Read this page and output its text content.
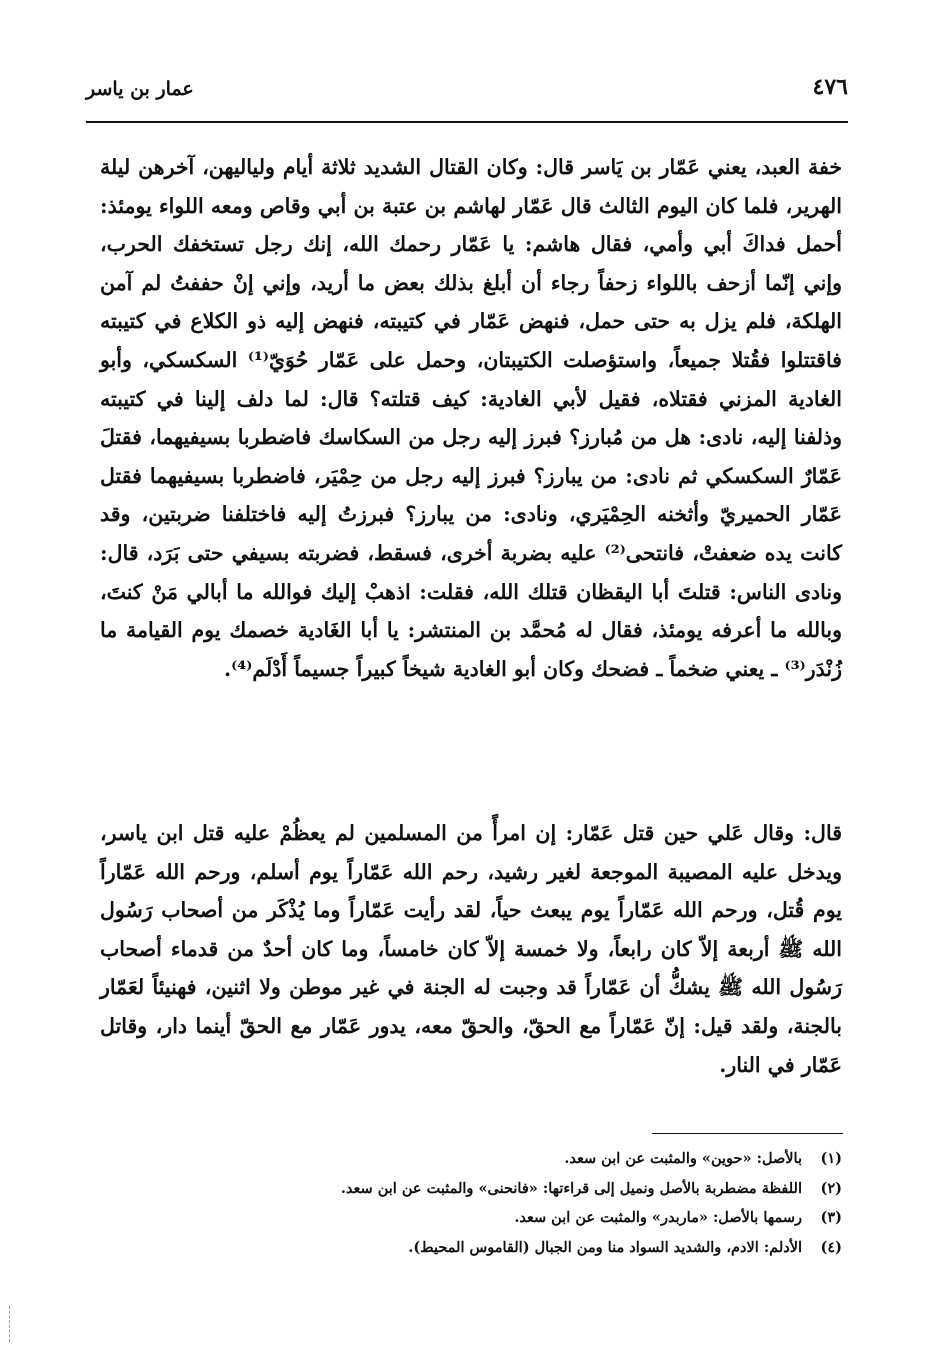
٤٧٦
عمار بن ياسر

خفة العبد، يعني عَمّار بن يَاسر قال: وكان القتال الشديد ثلاثة أيام ولياليهن، آخرهن ليلة الهرير، فلما كان اليوم الثالث قال عَمّار لهاشم بن عتبة بن أبي وقاص ومعه اللواء يومئذ: أحمل فداكَ أبي وأمي، فقال هاشم: يا عَمّار رحمك الله، إنك رجل تستخفك الحرب، وإني إنّما أزحف باللواء زحفاً رجاء أن أبلغ بذلك بعض ما أريد، وإني إنْ حففتُ لم آمن الهلكة، فلم يزل به حتى حمل، فنهض عَمّار في كتيبته، فنهض إليه ذو الكلاع في كتيبته فاقتتلوا فقُتلا جميعاً، واستؤصلت الكتيبتان، وحمل على عَمّار حُوَيّ⁽¹⁾ السكسكي، وأبو الغادية المزني فقتلاه، فقيل لأبي الغادية: كيف قتلته؟ قال: لما دلف إلينا في كتيبته وذلفنا إليه، نادى: هل من مُبارز؟ فبرز إليه رجل من السكاسك فاضطربا بسيفيهما، فقتلَ عَمّارٌ السكسكي ثم نادى: من يبارز؟ فبرز إليه رجل من حِمْيَر، فاضطربا بسيفيهما فقتل عَمّار الحميريّ وأثخنه الحِمْيَري، ونادى: من يبارز؟ فبرزتُ إليه فاختلفنا ضربتين، وقد كانت يده ضعفتْ، فانتحى⁽²⁾ عليه بضربة أخرى، فسقط، فضربته بسيفي حتى بَرَد، قال: ونادى الناس: قتلتَ أبا اليقظان قتلك الله، فقلت: اذهبْ إليك فوالله ما أبالي مَنْ كنتَ، وبالله ما أعرفه يومئذ، فقال له مُحمَّد بن المنتشر: يا أبا الغَادية خصمك يوم القيامة ما زُنْدَر⁽³⁾ ـ يعني ضخماً ـ فضحك وكان أبو الغادية شيخاً كبيراً جسيماً أَدْلَم⁽⁴⁾.

قال: وقال عَلي حين قتل عَمّار: إن امرأً من المسلمين لم يعظُمْ عليه قتل ابن ياسر، ويدخل عليه المصيبة الموجعة لغير رشيد، رحم الله عَمّاراً يوم أسلم، ورحم الله عَمّاراً يوم قُتل، ورحم الله عَمّاراً يوم يبعث حياً، لقد رأيت عَمّاراً وما يُذْكَر من أصحاب رَسُول الله ﷺ أربعة إلاّ كان رابعاً، ولا خمسة إلاّ كان خامساً، وما كان أحدٌ من قدماء أصحاب رَسُول الله ﷺ يشكُّ أن عَمّاراً قد وجبت له الجنة في غير موطن ولا اثنين، فهنيئاً لعَمّار بالجنة، ولقد قيل: إنّ عَمّاراً مع الحقّ، والحقّ معه، يدور عَمّار مع الحقّ أينما دار، وقاتل عَمّار في النار.

(١)
بالأصل: «حوين» والمثبت عن ابن سعد.
(٢)
اللفظة مضطربة بالأصل ونميل إلى قراءتها: «فانحنى» والمثبت عن ابن سعد.
(٣)
رسمها بالأصل: «ماربدر» والمثبت عن ابن سعد.
(٤)
الأدلم: الادم، والشديد السواد منا ومن الجبال (القاموس المحيط).
